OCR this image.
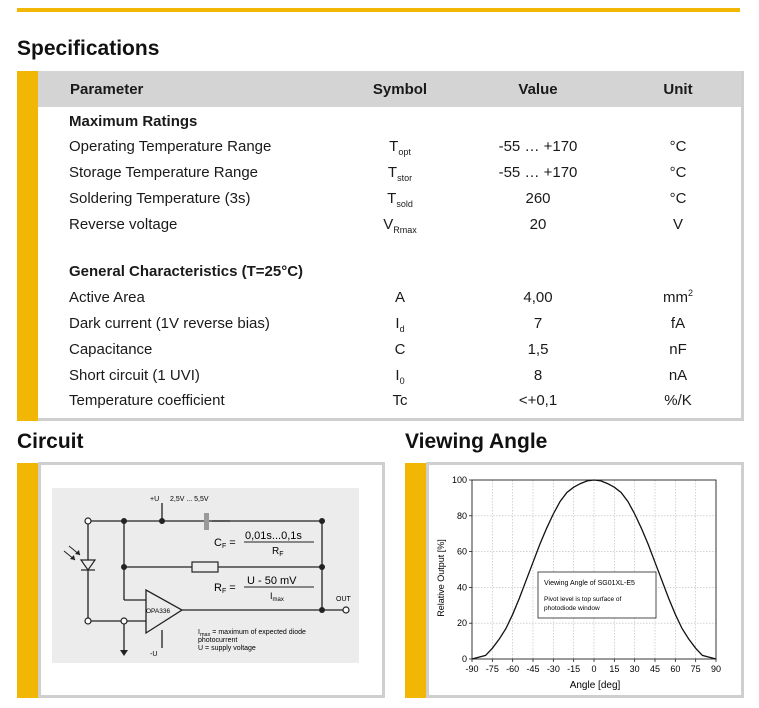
Specifications
Parameter	Symbol	Value	Unit
Maximum Ratings
Operating Temperature Range	$T_{opt}$	-55 … +170	°C
Storage Temperature Range	$T_{stor}$	-55 … +170	°C
Soldering Temperature (3s)	$T_{sold}$	260	°C
Reverse voltage	$V_{Rmax}$	20	V
General Characteristics (T=25°C)
Active Area	A	4,00	$mm^2$
Dark current (1V reverse bias)	$I_d$	7	fA
Capacitance	C	1,5	nF
Short circuit (1 UVI)	$I_0$	8	nA
Temperature coefficient	Tc	<+0,1	%/K
Circuit
+U 2,5V ... 5,5V
CF =
0,01s...0,1s
$R_F$
RF =
U - 50 mV
$I_{max}$
OPA336
OUT
-U
$I_{max}$ = maximum of expected diode
photocurrent
U = supply voltage
Viewing Angle
-90 -75 -60 -45 -30 -15 0 15 30 45 60 75 90
0
20
40
60
80
100
Viewing Angle of SG01XL-E5
Pivot level is top surface of
photodiode window
Angle [deg]
Relative Output [%]
